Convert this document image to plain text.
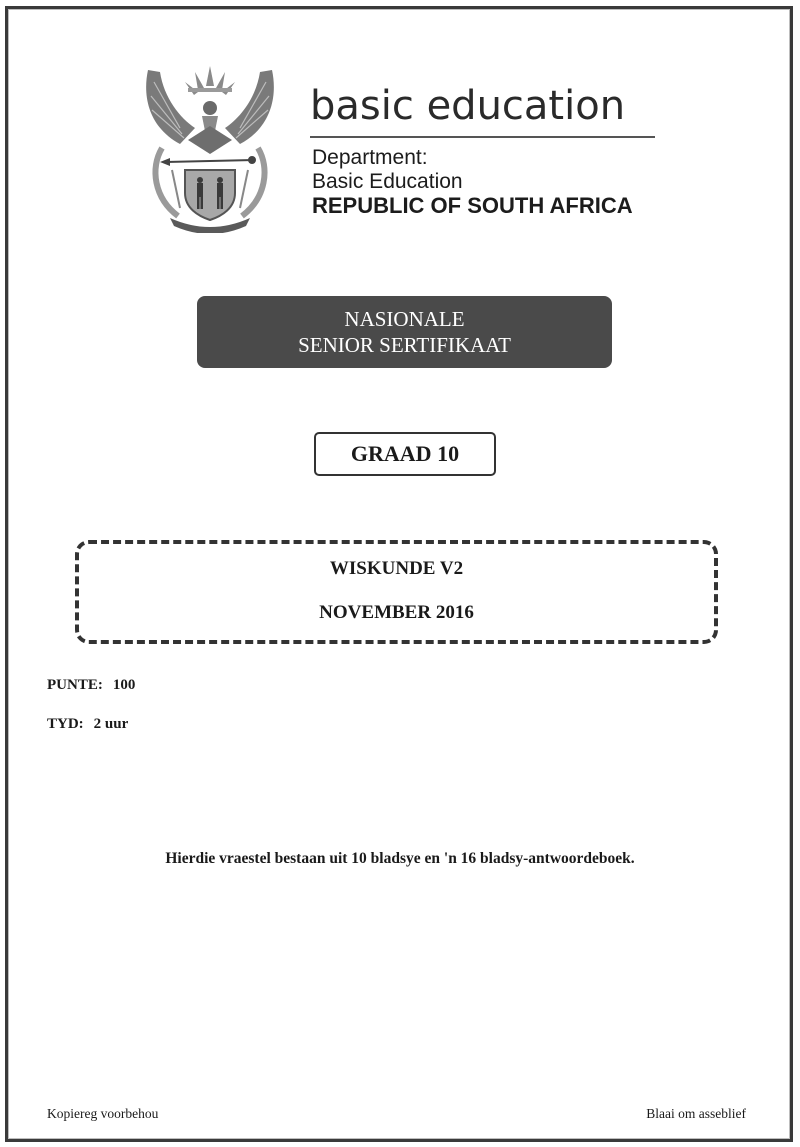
basic education
Department:
Basic Education
REPUBLIC OF SOUTH AFRICA
NASIONALE
SENIOR SERTIFIKAAT
GRAAD 10
WISKUNDE V2
NOVEMBER 2016
PUNTE: 100
TYD: 2 uur
Hierdie vraestel bestaan uit 10 bladsye en 'n 16 bladsy-antwoordeboek.
Kopiereg voorbehou	Blaai om asseblief
